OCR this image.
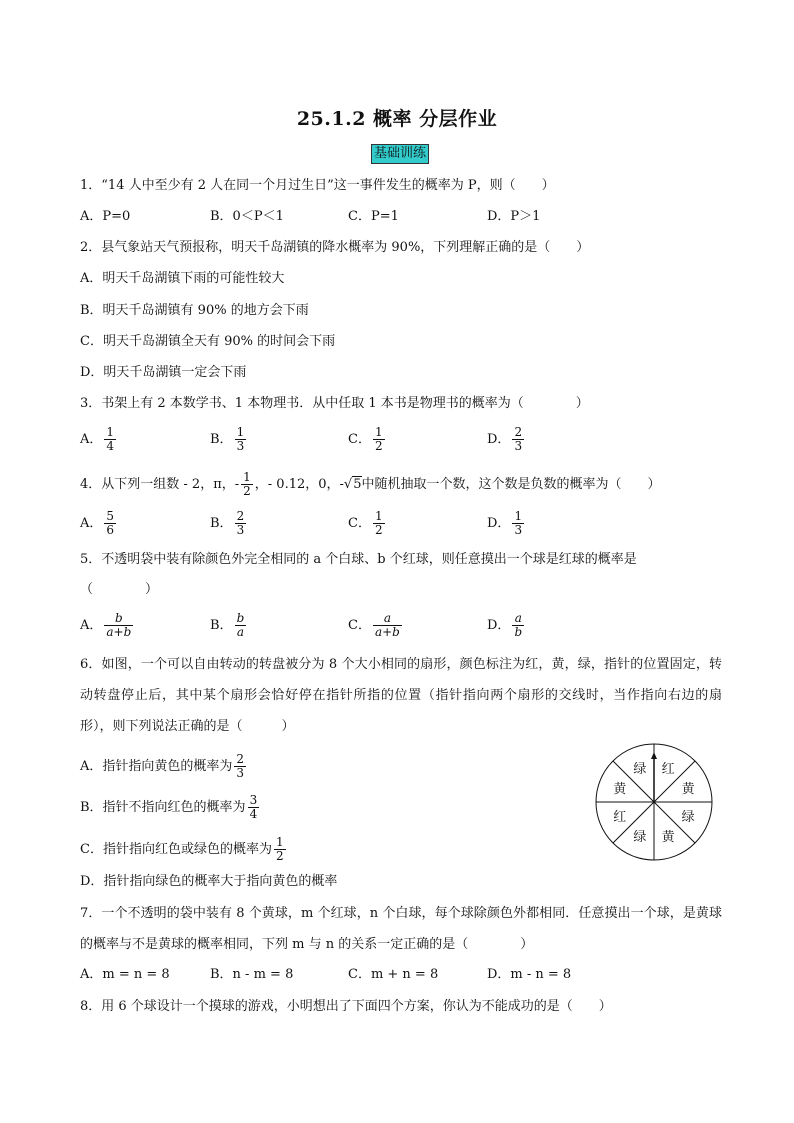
25.1.2 概率 分层作业
基础训练
1．“14 人中至少有 2 人在同一个月过生日”这一事件发生的概率为 P，则（　　）
A．P=0	B．0＜P＜1	C．P=1	D．P＞1
2．县气象站天气预报称，明天千岛湖镇的降水概率为 90%，下列理解正确的是（　　）
A．明天千岛湖镇下雨的可能性较大
B．明天千岛湖镇有 90% 的地方会下雨
C．明天千岛湖镇全天有 90% 的时间会下雨
D．明天千岛湖镇一定会下雨
3．书架上有 2 本数学书、1 本物理书．从中任取 1 本书是物理书的概率为（　　　　）
A． $\frac{1}{4}$	B． $\frac{1}{3}$	C． $\frac{1}{2}$	D． $\frac{2}{3}$
4．从下列一组数 - 2，π，- $\frac{1}{2}$ ，- 0.12，0，-√5中随机抽取一个数，这个数是负数的概率为（　　）
A． $\frac{5}{6}$	B． $\frac{2}{3}$	C． $\frac{1}{2}$	D． $\frac{1}{3}$
5．不透明袋中装有除颜色外完全相同的 a 个白球、b 个红球，则任意摸出一个球是红球的概率是
（　　　　）
A． $\frac{b}{a+b}$	B． $\frac{b}{a}$	C． $\frac{a}{a+b}$	D． $\frac{a}{b}$
6．如图，一个可以自由转动的转盘被分为 8 个大小相同的扇形，颜色标注为红，黄，绿，指针的位置固定，转动转盘停止后，其中某个扇形会恰好停在指针所指的位置（指针指向两个扇形的交线时，当作指向右边的扇形），则下列说法正确的是（　　　）
A．指针指向黄色的概率为 $\frac{2}{3}$
B．指针不指向红色的概率为 $\frac{3}{4}$
C．指针指向红色或绿色的概率为 $\frac{1}{2}$
D．指针指向绿色的概率大于指向黄色的概率
红
黄
绿
黄
绿
红
黄
绿
7．一个不透明的袋中装有 8 个黄球，m 个红球，n 个白球，每个球除颜色外都相同．任意摸出一个球，是黄球的概率与不是黄球的概率相同，下列 m 与 n 的关系一定正确的是（　　　　）
A．m = n = 8	B．n - m = 8	C．m + n = 8	D．m - n = 8
8．用 6 个球设计一个摸球的游戏，小明想出了下面四个方案，你认为不能成功的是（　　）
